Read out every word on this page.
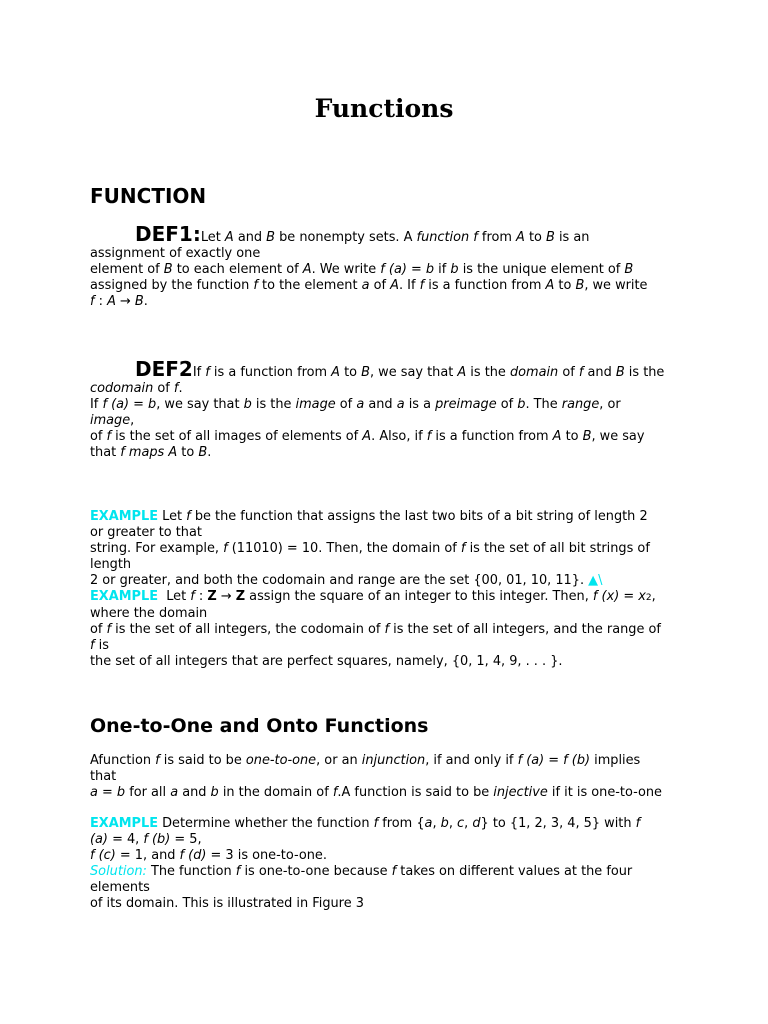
Functions
FUNCTION
DEF1:Let A and B be nonempty sets. A function f from A to B is an
assignment of exactly one
element of B to each element of A. We write f (a) = b if b is the unique element of B
assigned by the function f to the element a of A. If f is a function from A to B, we write
f : A → B.
DEF2If f is a function from A to B, we say that A is the domain of f and B is the
codomain of f.
If f (a) = b, we say that b is the image of a and a is a preimage of b. The range, or
image,
of f is the set of all images of elements of A. Also, if f is a function from A to B, we say
that f maps A to B.
EXAMPLE Let f be the function that assigns the last two bits of a bit string of length 2
or greater to that
string. For example, f (11010) = 10. Then, the domain of f is the set of all bit strings of
length
2 or greater, and both the codomain and range are the set {00, 01, 10, 11}. ▲\
EXAMPLE  Let f : Z → Z assign the square of an integer to this integer. Then, f (x) = x2,
where the domain
of f is the set of all integers, the codomain of f is the set of all integers, and the range of
f is
the set of all integers that are perfect squares, namely, {0, 1, 4, 9, . . . }.
One-to-One and Onto Functions
Afunction f is said to be one-to-one, or an injunction, if and only if f (a) = f (b) implies
that
a = b for all a and b in the domain of f.A function is said to be injective if it is one-to-one
EXAMPLE Determine whether the function f from {a, b, c, d} to {1, 2, 3, 4, 5} with f
(a) = 4, f (b) = 5,
f (c) = 1, and f (d) = 3 is one-to-one.
Solution: The function f is one-to-one because f takes on different values at the four
elements
of its domain. This is illustrated in Figure 3
